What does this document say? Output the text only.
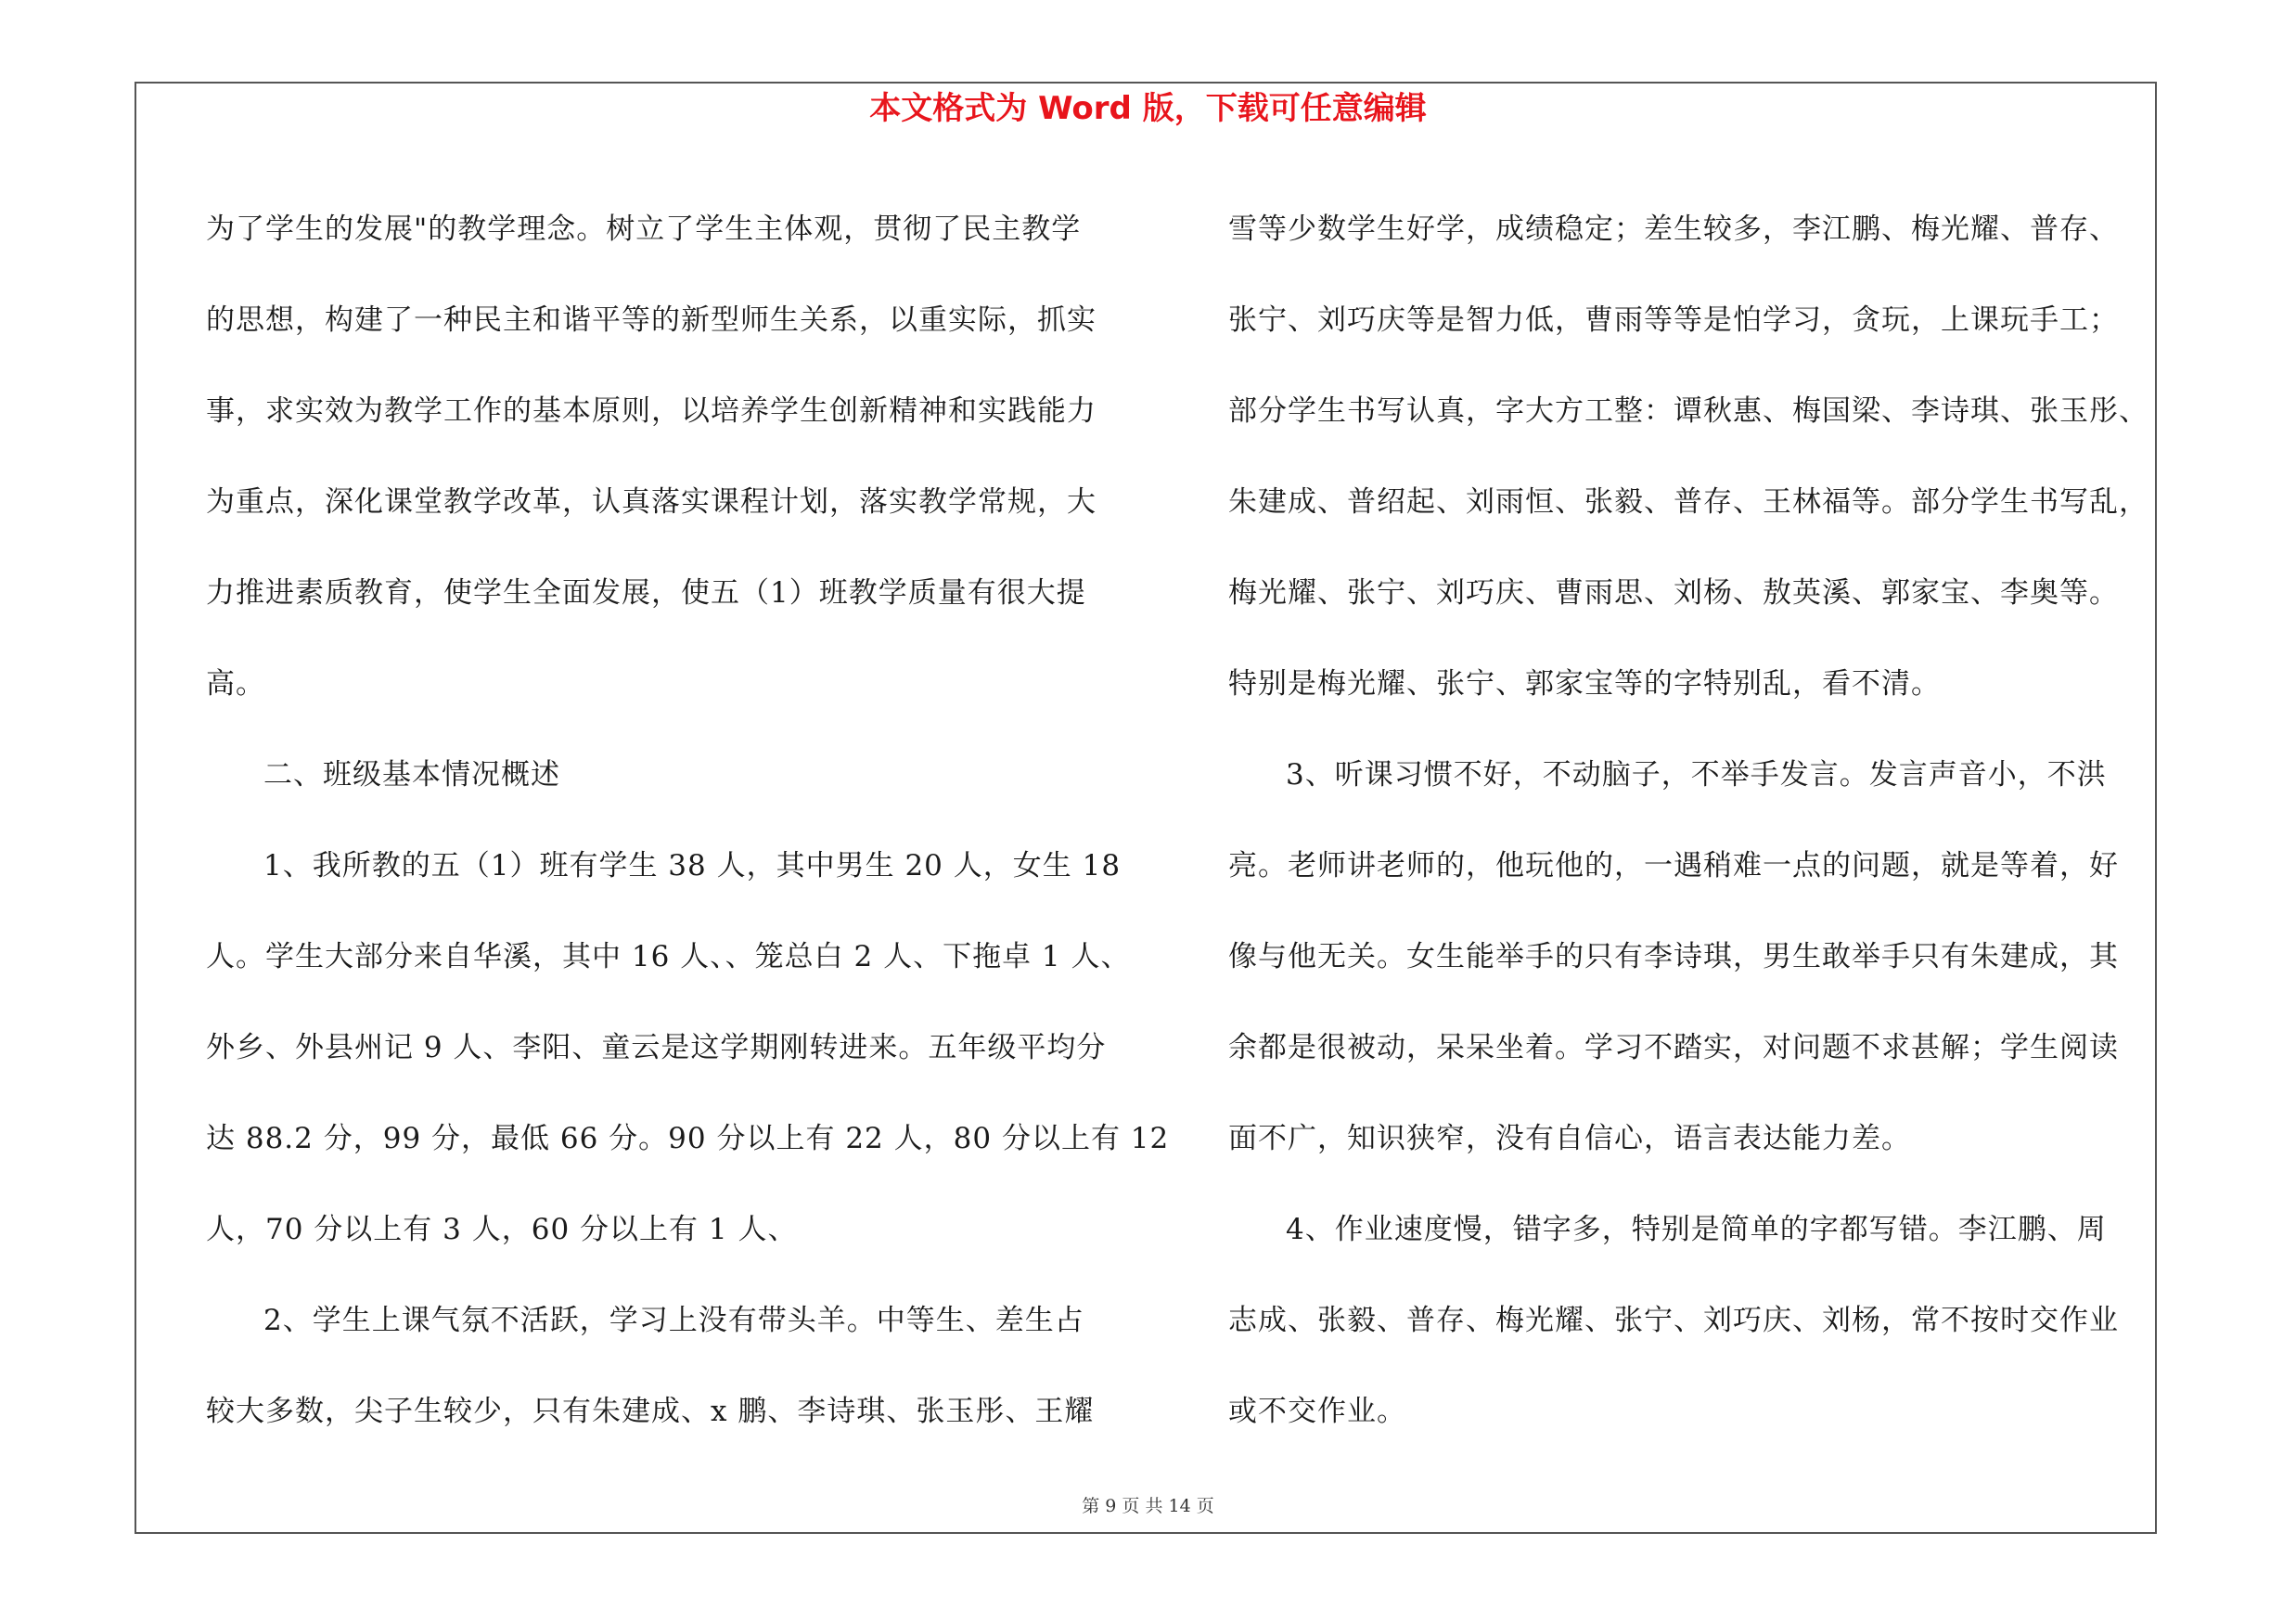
本文格式为 Word 版，下载可任意编辑
为了学生的发展"的教学理念。树立了学生主体观，贯彻了民主教学
的思想，构建了一种民主和谐平等的新型师生关系，以重实际，抓实
事，求实效为教学工作的基本原则，以培养学生创新精神和实践能力
为重点，深化课堂教学改革，认真落实课程计划，落实教学常规，大
力推进素质教育，使学生全面发展，使五（1）班教学质量有很大提
高。
二、班级基本情况概述
1、我所教的五（1）班有学生 38 人，其中男生 20 人，女生 18
人。学生大部分来自华溪，其中 16 人、、笼总白 2 人、下拖卓 1 人、
外乡、外县州记 9 人、李阳、童云是这学期刚转进来。五年级平均分
达 88.2 分，99 分，最低 66 分。90 分以上有 22 人，80 分以上有 12
人，70 分以上有 3 人，60 分以上有 1 人、
2、学生上课气氛不活跃，学习上没有带头羊。中等生、差生占
较大多数，尖子生较少，只有朱建成、x 鹏、李诗琪、张玉彤、王耀
雪等少数学生好学，成绩稳定；差生较多，李江鹏、梅光耀、普存、
张宁、刘巧庆等是智力低，曹雨等等是怕学习，贪玩，上课玩手工；
部分学生书写认真，字大方工整：谭秋惠、梅国梁、李诗琪、张玉彤、
朱建成、普绍起、刘雨恒、张毅、普存、王林福等。部分学生书写乱，
梅光耀、张宁、刘巧庆、曹雨思、刘杨、敖英溪、郭家宝、李奥等。
特别是梅光耀、张宁、郭家宝等的字特别乱，看不清。
3、听课习惯不好，不动脑子，不举手发言。发言声音小，不洪
亮。老师讲老师的，他玩他的，一遇稍难一点的问题，就是等着，好
像与他无关。女生能举手的只有李诗琪，男生敢举手只有朱建成，其
余都是很被动，呆呆坐着。学习不踏实，对问题不求甚解；学生阅读
面不广，知识狭窄，没有自信心，语言表达能力差。
4、作业速度慢，错字多，特别是简单的字都写错。李江鹏、周
志成、张毅、普存、梅光耀、张宁、刘巧庆、刘杨，常不按时交作业
或不交作业。
第 9 页 共 14 页
